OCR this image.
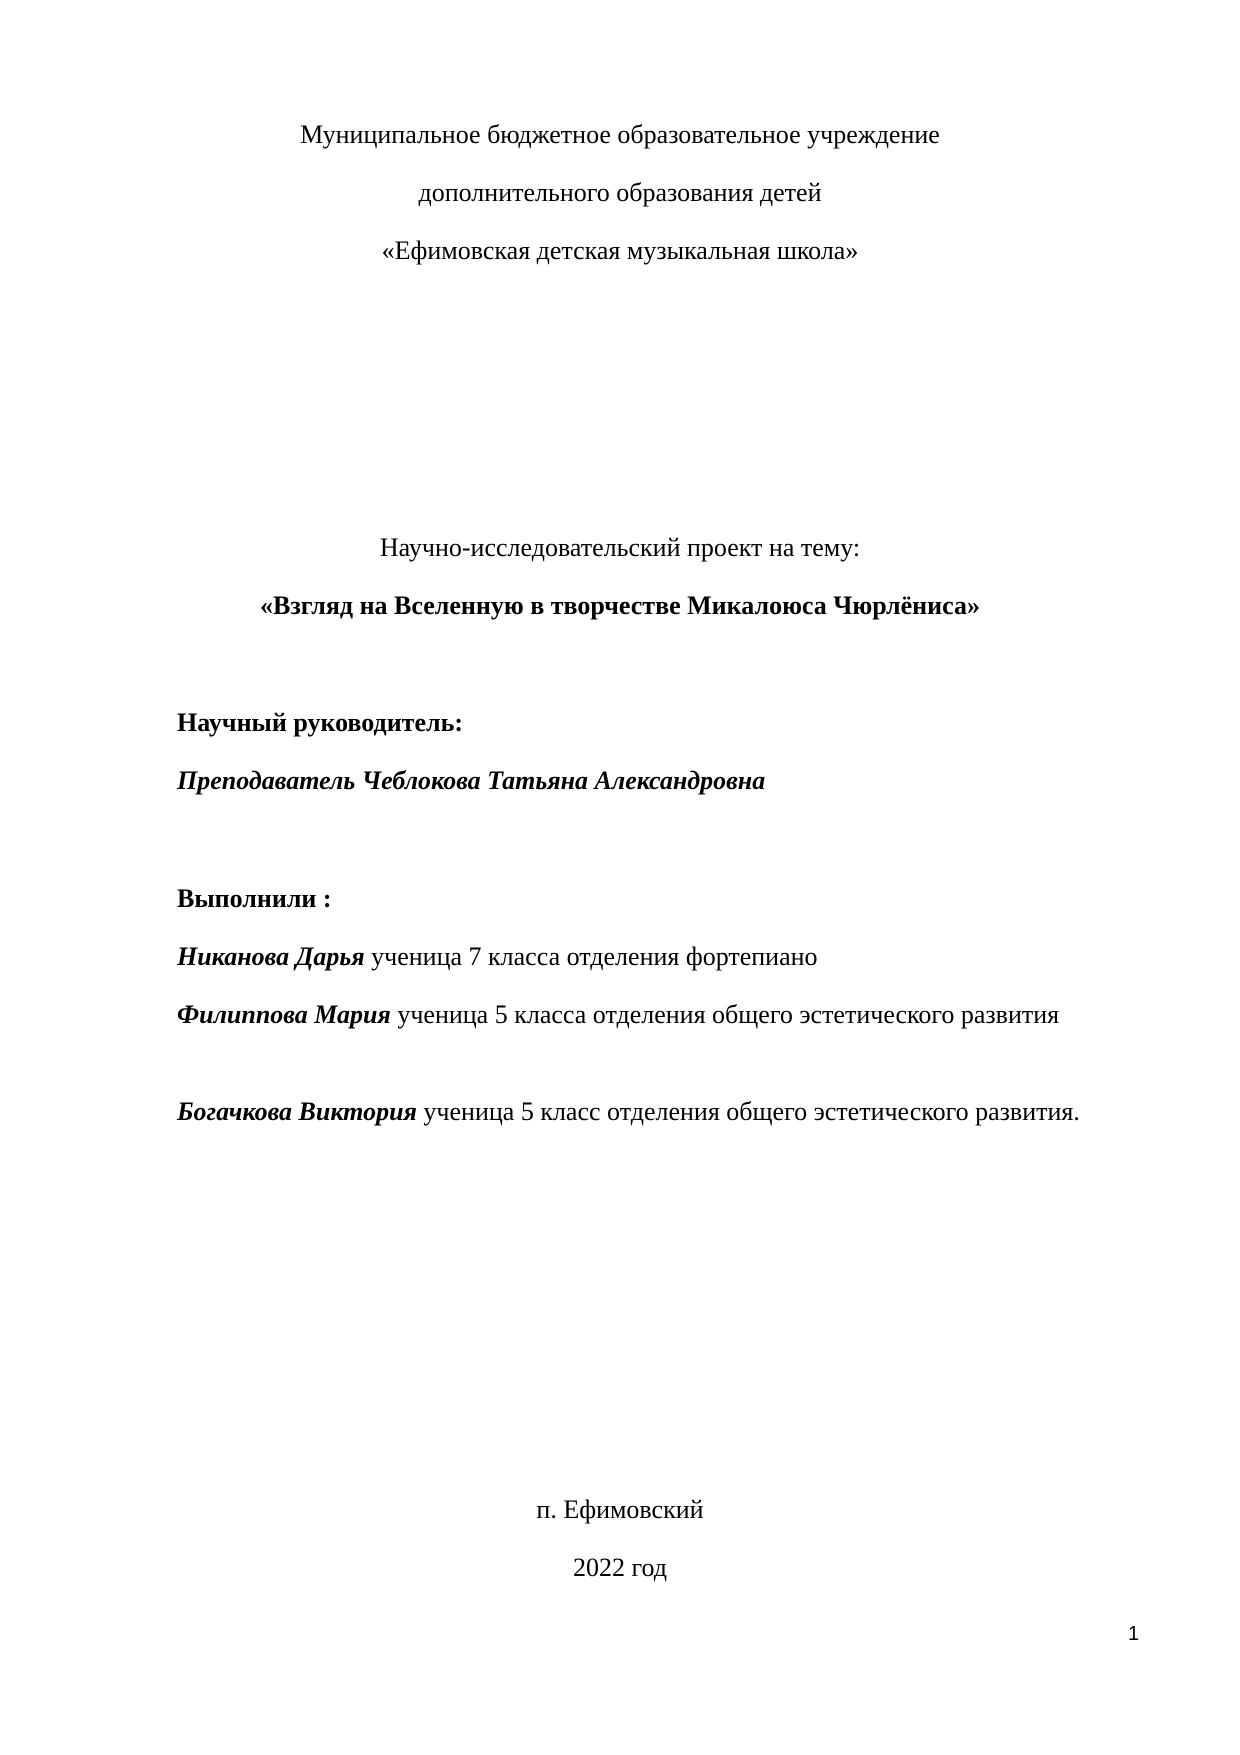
Муниципальное бюджетное образовательное учреждение
дополнительного образования детей
«Ефимовская детская музыкальная школа»
Научно-исследовательский проект на тему:
«Взгляд на Вселенную в творчестве Микалоюса Чюрлёниса»
Научный руководитель:
Преподаватель Чеблокова Татьяна Александровна
Выполнили :
Никанова Дарья ученица 7 класса отделения фортепиано
Филиппова Мария ученица 5 класса отделения общего эстетического развития
Богачкова Виктория ученица 5 класс отделения общего эстетического развития.
п. Ефимовский
2022 год
1
